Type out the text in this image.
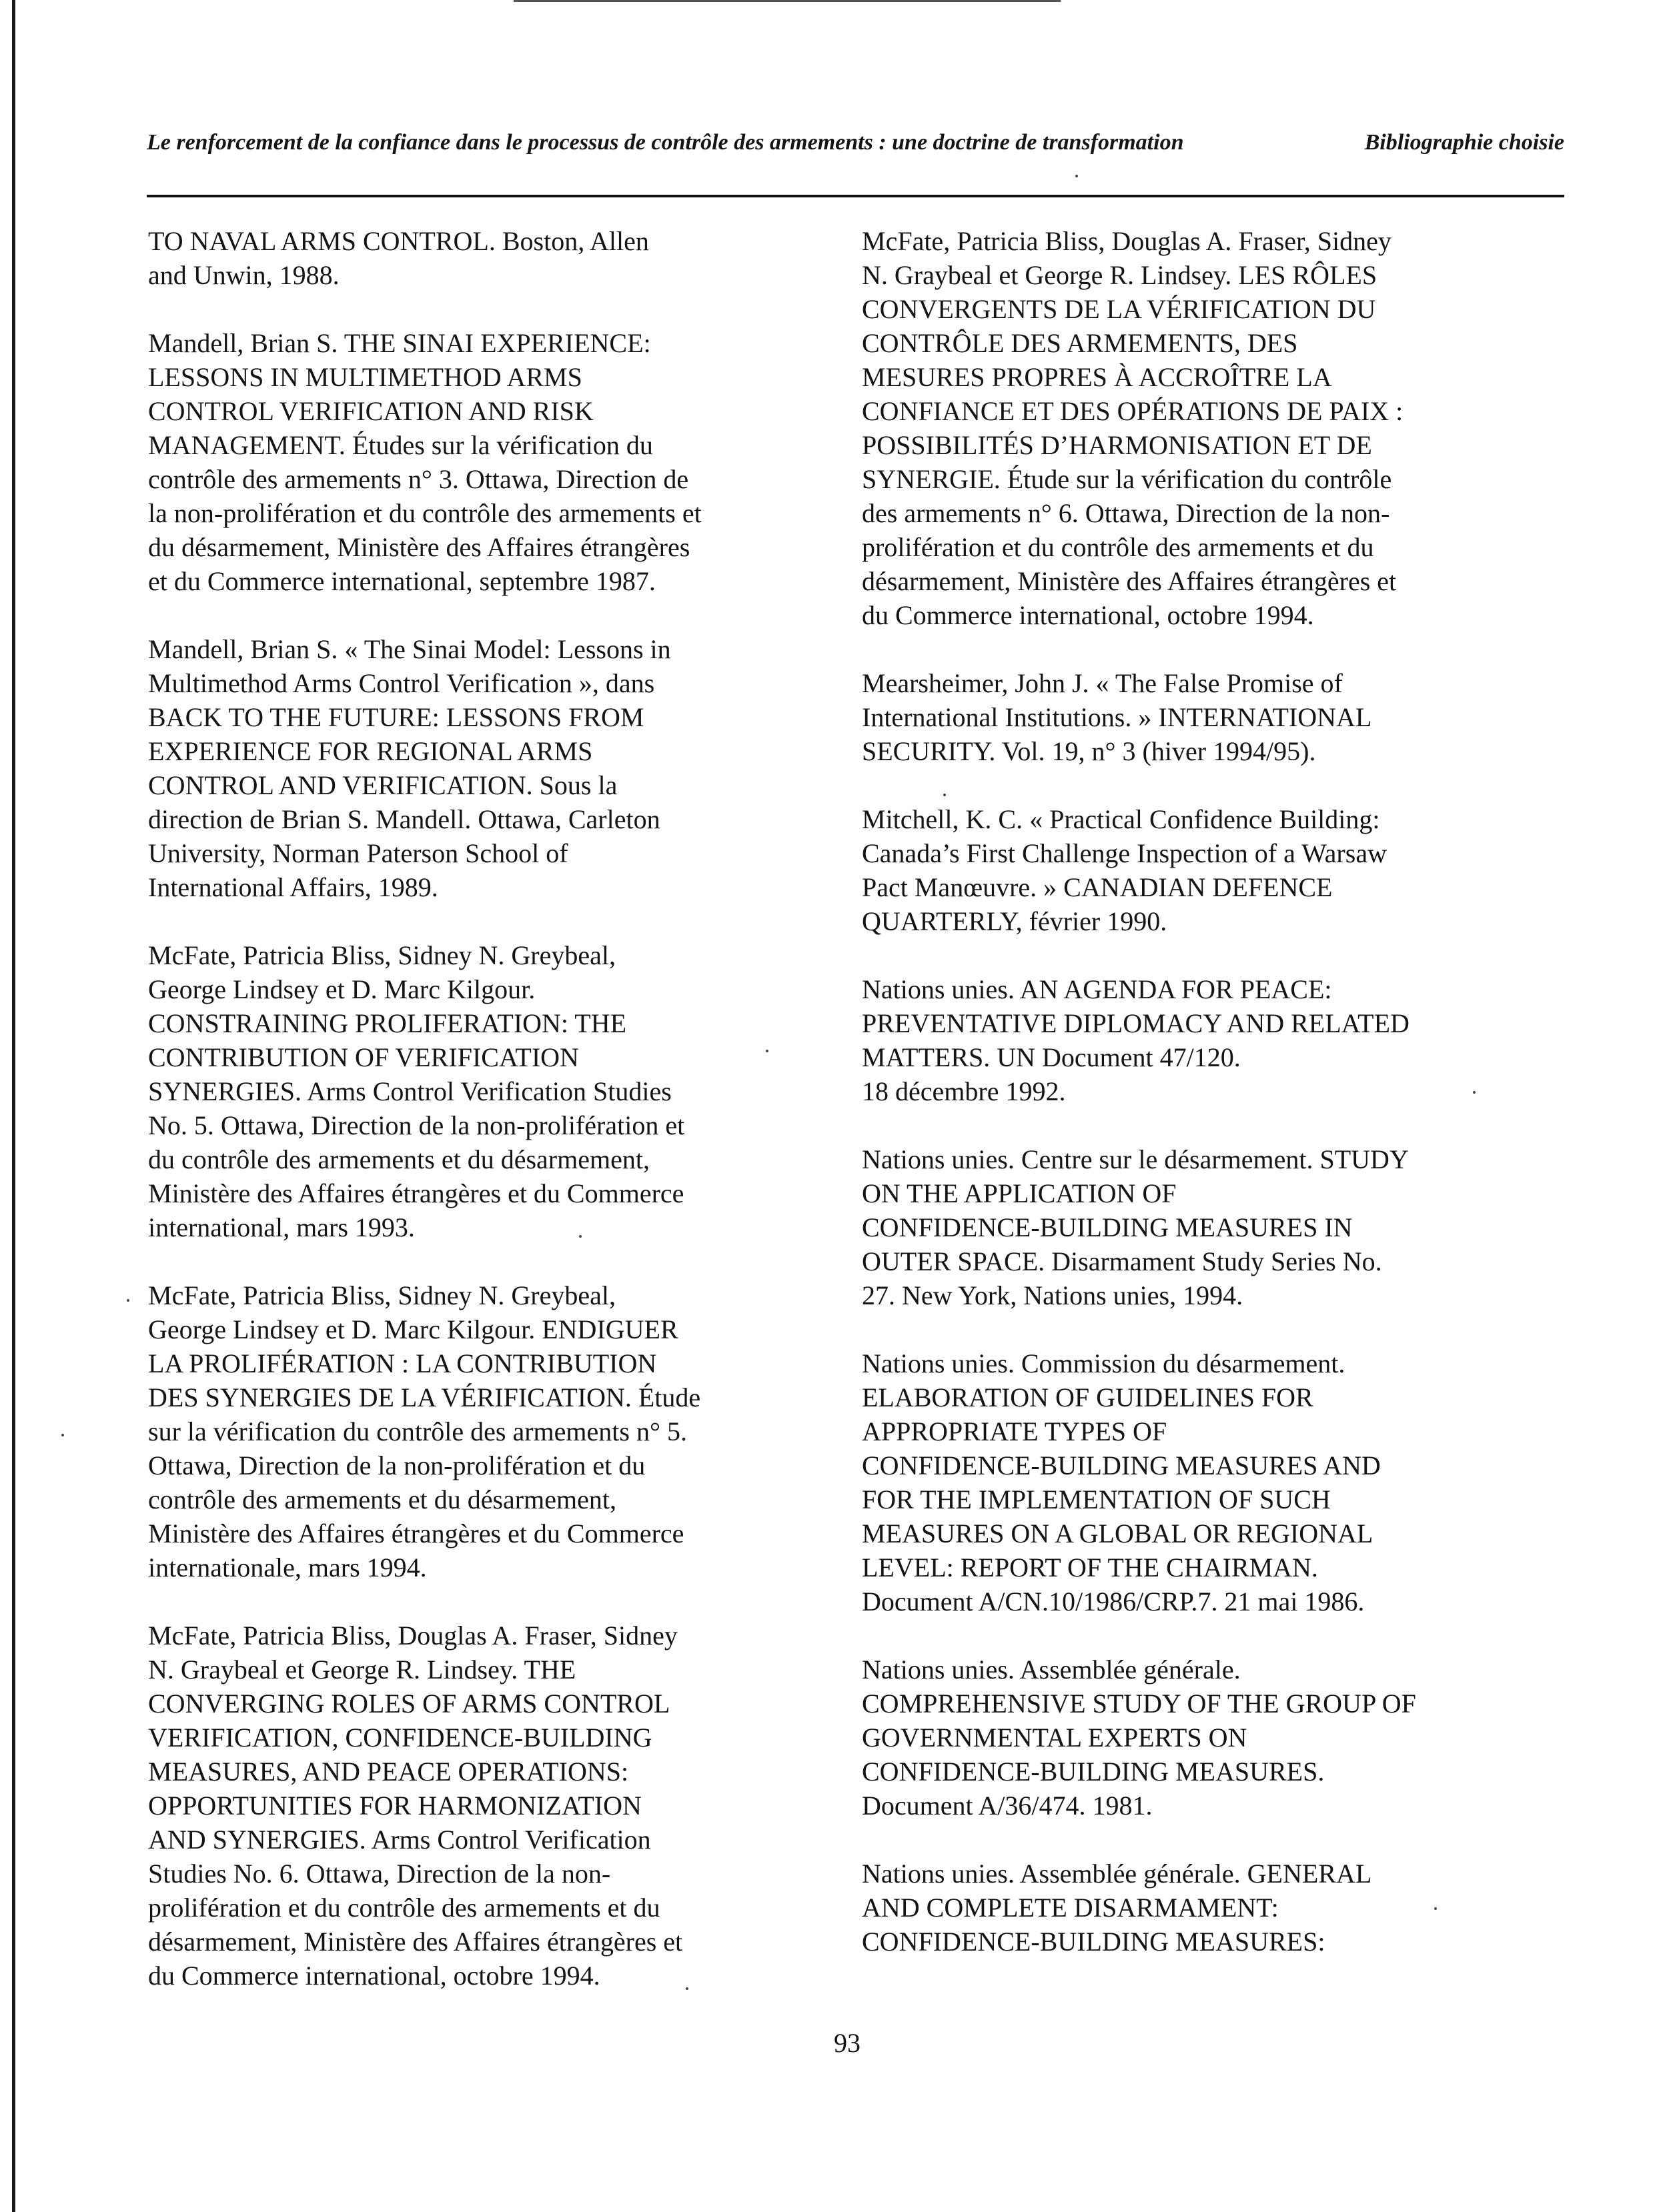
Le renforcement de la confiance dans le processus de contrôle des armements : une doctrine de transformation	Bibliographie choisie
TO NAVAL ARMS CONTROL. Boston, Allen
and Unwin, 1988.
Mandell, Brian S. THE SINAI EXPERIENCE:
LESSONS IN MULTIMETHOD ARMS
CONTROL VERIFICATION AND RISK
MANAGEMENT. Études sur la vérification du
contrôle des armements n° 3. Ottawa, Direction de
la non-prolifération et du contrôle des armements et
du désarmement, Ministère des Affaires étrangères
et du Commerce international, septembre 1987.
Mandell, Brian S. « The Sinai Model: Lessons in
Multimethod Arms Control Verification », dans
BACK TO THE FUTURE: LESSONS FROM
EXPERIENCE FOR REGIONAL ARMS
CONTROL AND VERIFICATION. Sous la
direction de Brian S. Mandell. Ottawa, Carleton
University, Norman Paterson School of
International Affairs, 1989.
McFate, Patricia Bliss, Sidney N. Greybeal,
George Lindsey et D. Marc Kilgour.
CONSTRAINING PROLIFERATION: THE
CONTRIBUTION OF VERIFICATION
SYNERGIES. Arms Control Verification Studies
No. 5. Ottawa, Direction de la non-prolifération et
du contrôle des armements et du désarmement,
Ministère des Affaires étrangères et du Commerce
international, mars 1993.
McFate, Patricia Bliss, Sidney N. Greybeal,
George Lindsey et D. Marc Kilgour. ENDIGUER
LA PROLIFÉRATION : LA CONTRIBUTION
DES SYNERGIES DE LA VÉRIFICATION. Étude
sur la vérification du contrôle des armements n° 5.
Ottawa, Direction de la non-prolifération et du
contrôle des armements et du désarmement,
Ministère des Affaires étrangères et du Commerce
internationale, mars 1994.
McFate, Patricia Bliss, Douglas A. Fraser, Sidney
N. Graybeal et George R. Lindsey. THE
CONVERGING ROLES OF ARMS CONTROL
VERIFICATION, CONFIDENCE-BUILDING
MEASURES, AND PEACE OPERATIONS:
OPPORTUNITIES FOR HARMONIZATION
AND SYNERGIES. Arms Control Verification
Studies No. 6. Ottawa, Direction de la non-
prolifération et du contrôle des armements et du
désarmement, Ministère des Affaires étrangères et
du Commerce international, octobre 1994.
McFate, Patricia Bliss, Douglas A. Fraser, Sidney
N. Graybeal et George R. Lindsey. LES RÔLES
CONVERGENTS DE LA VÉRIFICATION DU
CONTRÔLE DES ARMEMENTS, DES
MESURES PROPRES À ACCROÎTRE LA
CONFIANCE ET DES OPÉRATIONS DE PAIX :
POSSIBILITÉS D’HARMONISATION ET DE
SYNERGIE. Étude sur la vérification du contrôle
des armements n° 6. Ottawa, Direction de la non-
prolifération et du contrôle des armements et du
désarmement, Ministère des Affaires étrangères et
du Commerce international, octobre 1994.
Mearsheimer, John J. « The False Promise of
International Institutions. » INTERNATIONAL
SECURITY. Vol. 19, n° 3 (hiver 1994/95).
Mitchell, K. C. « Practical Confidence Building:
Canada’s First Challenge Inspection of a Warsaw
Pact Manœuvre. » CANADIAN DEFENCE
QUARTERLY, février 1990.
Nations unies. AN AGENDA FOR PEACE:
PREVENTATIVE DIPLOMACY AND RELATED
MATTERS. UN Document 47/120.
18 décembre 1992.
Nations unies. Centre sur le désarmement. STUDY
ON THE APPLICATION OF
CONFIDENCE-BUILDING MEASURES IN
OUTER SPACE. Disarmament Study Series No.
27. New York, Nations unies, 1994.
Nations unies. Commission du désarmement.
ELABORATION OF GUIDELINES FOR
APPROPRIATE TYPES OF
CONFIDENCE-BUILDING MEASURES AND
FOR THE IMPLEMENTATION OF SUCH
MEASURES ON A GLOBAL OR REGIONAL
LEVEL: REPORT OF THE CHAIRMAN.
Document A/CN.10/1986/CRP.7. 21 mai 1986.
Nations unies. Assemblée générale.
COMPREHENSIVE STUDY OF THE GROUP OF
GOVERNMENTAL EXPERTS ON
CONFIDENCE-BUILDING MEASURES.
Document A/36/474. 1981.
Nations unies. Assemblée générale. GENERAL
AND COMPLETE DISARMAMENT:
CONFIDENCE-BUILDING MEASURES:
93
